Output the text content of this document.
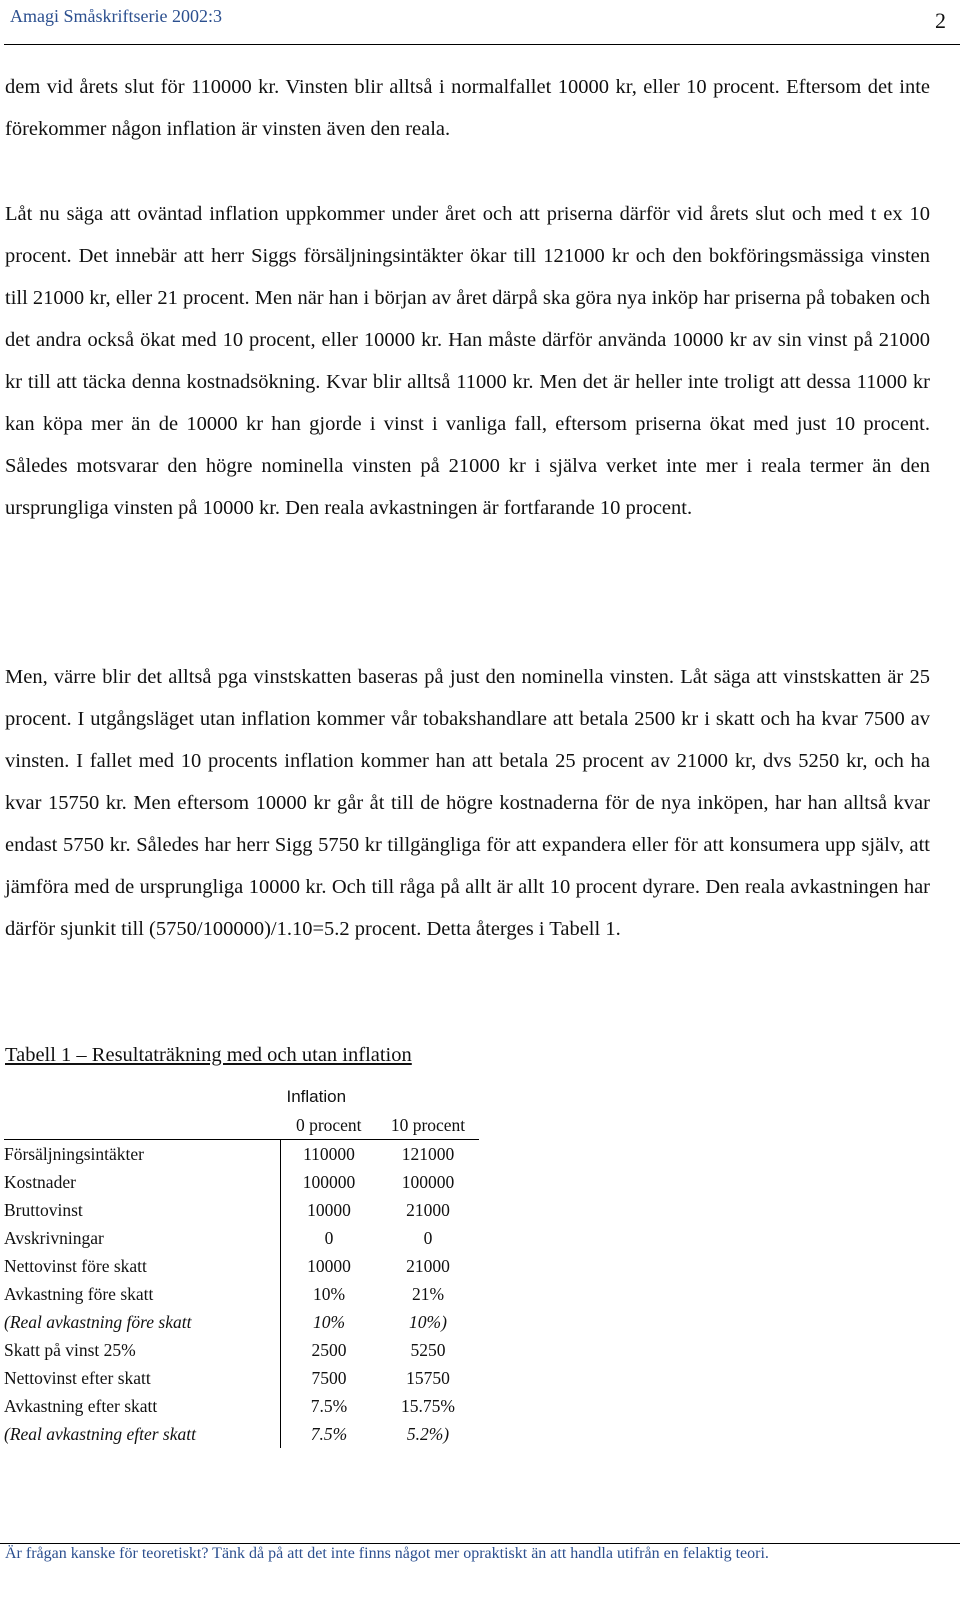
Amagi Småskriftserie 2002:3	2

dem vid årets slut för 110000 kr. Vinsten blir alltså i normalfallet 10000 kr, eller 10 procent. Eftersom det inte förekommer någon inflation är vinsten även den reala.

Låt nu säga att oväntad inflation uppkommer under året och att priserna därför vid årets slut och med t ex 10 procent. Det innebär att herr Siggs försäljningsintäkter ökar till 121000 kr och den bokföringsmässiga vinsten till 21000 kr, eller 21 procent. Men när han i början av året därpå ska göra nya inköp har priserna på tobaken och det andra också ökat med 10 procent, eller 10000 kr. Han måste därför använda 10000 kr av sin vinst på 21000 kr till att täcka denna kostnadsökning. Kvar blir alltså 11000 kr. Men det är heller inte troligt att dessa 11000 kr kan köpa mer än de 10000 kr han gjorde i vinst i vanliga fall, eftersom priserna ökat med just 10 procent. Således motsvarar den högre nominella vinsten på 21000 kr i själva verket inte mer i reala termer än den ursprungliga vinsten på 10000 kr. Den reala avkastningen är fortfarande 10 procent.

Men, värre blir det alltså pga vinstskatten baseras på just den nominella vinsten. Låt säga att vinstskatten är 25 procent. I utgångsläget utan inflation kommer vår tobakshandlare att betala 2500 kr i skatt och ha kvar 7500 av vinsten. I fallet med 10 procents inflation kommer han att betala 25 procent av 21000 kr, dvs 5250 kr, och ha kvar 15750 kr. Men eftersom 10000 kr går åt till de högre kostnaderna för de nya inköpen, har han alltså kvar endast 5750 kr. Således har herr Sigg 5750 kr tillgängliga för att expandera eller för att konsumera upp själv, att jämföra med de ursprungliga 10000 kr. Och till råga på allt är allt 10 procent dyrare. Den reala avkastningen har därför sjunkit till (5750/100000)/1.10=5.2 procent. Detta återges i Tabell 1.

Tabell 1 – Resultaträkning med och utan inflation

	Inflation	
	0 procent	10 procent
Försäljningsintäkter	110000	121000
Kostnader	100000	100000
Bruttovinst	10000	21000
Avskrivningar	0	0
Nettovinst före skatt	10000	21000
Avkastning före skatt	10%	21%
(Real avkastning före skatt	10%	10%)
Skatt på vinst 25%	2500	5250
Nettovinst efter skatt	7500	15750
Avkastning efter skatt	7.5%	15.75%
(Real avkastning efter skatt	7.5%	5.2%)
Är frågan kanske för teoretiskt? Tänk då på att det inte finns något mer opraktiskt än att handla utifrån en felaktig teori.
